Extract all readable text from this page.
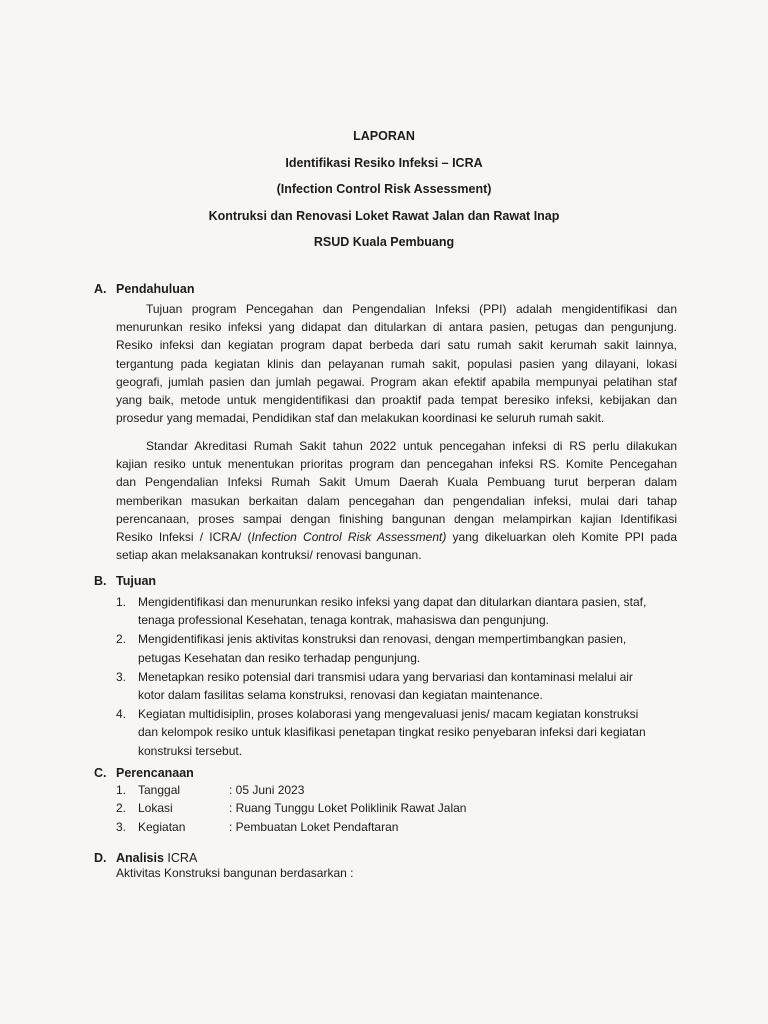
LAPORAN
Identifikasi Resiko Infeksi – ICRA
(Infection Control Risk Assessment)
Kontruksi dan Renovasi Loket Rawat Jalan dan Rawat Inap
RSUD Kuala Pembuang
A. Pendahuluan
Tujuan program Pencegahan dan Pengendalian Infeksi (PPI) adalah mengidentifikasi dan
menurunkan resiko infeksi yang didapat dan ditularkan di antara pasien, petugas dan pengunjung.
Resiko infeksi dan kegiatan program dapat berbeda dari satu rumah sakit kerumah sakit lainnya,
tergantung pada kegiatan klinis dan pelayanan rumah sakit, populasi pasien yang dilayani, lokasi
geografi, jumlah pasien dan jumlah pegawai. Program akan efektif apabila mempunyai pelatihan staf
yang baik, metode untuk mengidentifikasi dan proaktif pada tempat beresiko infeksi, kebijakan dan
prosedur yang memadai, Pendidikan staf dan melakukan koordinasi ke seluruh rumah sakit.
Standar Akreditasi Rumah Sakit tahun 2022 untuk pencegahan infeksi di RS perlu dilakukan
kajian resiko untuk menentukan prioritas program dan pencegahan infeksi RS. Komite Pencegahan
dan Pengendalian Infeksi Rumah Sakit Umum Daerah Kuala Pembuang turut berperan dalam
memberikan masukan berkaitan dalam pencegahan dan pengendalian infeksi, mulai dari tahap
perencanaan, proses sampai dengan finishing bangunan dengan melampirkan kajian Identifikasi
Resiko Infeksi / ICRA/ (Infection Control Risk Assessment) yang dikeluarkan oleh Komite PPI pada
setiap akan melaksanakan kontruksi/ renovasi bangunan.
B. Tujuan
1. Mengidentifikasi dan menurunkan resiko infeksi yang dapat dan ditularkan diantara pasien, staf,
tenaga professional Kesehatan, tenaga kontrak, mahasiswa dan pengunjung.
2. Mengidentifikasi jenis aktivitas konstruksi dan renovasi, dengan mempertimbangkan pasien,
petugas Kesehatan dan resiko terhadap pengunjung.
3. Menetapkan resiko potensial dari transmisi udara yang bervariasi dan kontaminasi melalui air
kotor dalam fasilitas selama konstruksi, renovasi dan kegiatan maintenance.
4. Kegiatan multidisiplin, proses kolaborasi yang mengevaluasi jenis/ macam kegiatan konstruksi
dan kelompok resiko untuk klasifikasi penetapan tingkat resiko penyebaran infeksi dari kegiatan
konstruksi tersebut.
C. Perencanaan
1. Tanggal	: 05 Juni 2023
2. Lokasi	: Ruang Tunggu Loket Poliklinik Rawat Jalan
3. Kegiatan	: Pembuatan Loket Pendaftaran
D. Analisis ICRA
Aktivitas Konstruksi bangunan berdasarkan :
